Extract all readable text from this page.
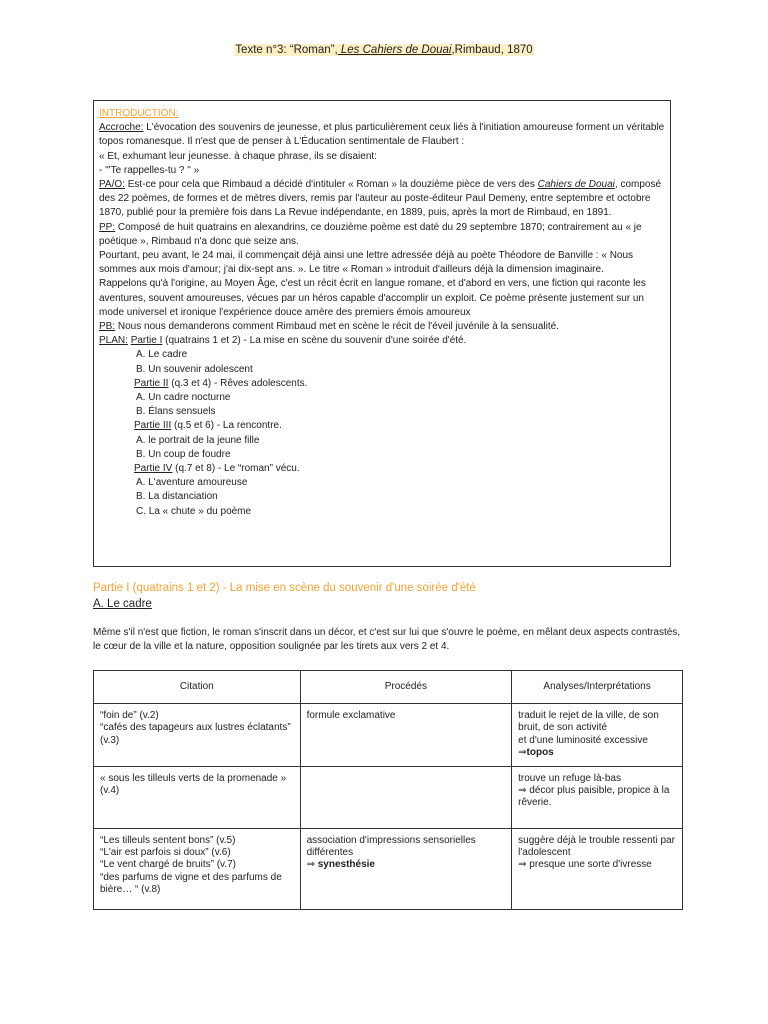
Texte n°3: “Roman”, Les Cahiers de Douai,Rimbaud, 1870

INTRODUCTION:

Accroche: L'évocation des souvenirs de jeunesse, et plus particulièrement ceux liés à l'initiation amoureuse forment un véritable topos romanesque. Il n'est que de penser à L'Éducation sentimentale de Flaubert :

« Et, exhumant leur jeunesse. à chaque phrase, ils se disaient:

- "'Te rappelles-tu ? " »

PA/O: Est-ce pour cela que Rimbaud a décidé d'intituler « Roman » la douzième pièce de vers des Cahiers de Douai, composé des 22 poèmes, de formes et de mètres divers, remis par l'auteur au poste-éditeur Paul Demeny, entre septembre et octobre 1870, publié pour la première fois dans La Revue indépendante, en 1889, puis, après la mort de Rimbaud, en 1891.

PP: Composé de huit quatrains en alexandrins, ce douzième poème est daté du 29 septembre 1870; contrairement au « je poétique », Rimbaud n'a donc que seize ans.

Pourtant, peu avant, le 24 mai, il commençait déjà ainsi une lettre adressée déjà au poète Théodore de Banville : « Nous sommes aux mois d'amour; j'ai dix-sept ans. ». Le titre « Roman » introduit d'ailleurs déjà la dimension imaginaire.

Rappelons qu'à l'origine, au Moyen Âge, c'est un récit écrit en langue romane, et d'abord en vers, une fiction qui raconte les aventures, souvent amoureuses, vécues par un héros capable d'accomplir un exploit. Ce poème présente justement sur un mode universel et ironique l'expérience douce amère des premiers émois amoureux

PB: Nous nous demanderons comment Rimbaud met en scène le récit de l'éveil juvénile à la sensualité.

PLAN: Partie I (quatrains 1 et 2) - La mise en scène du souvenir d'une soirée d'été.

A. Le cadre

B. Un souvenir adolescent

Partie II (q.3 et 4) - Rêves adolescents.

A. Un cadre nocturne

B. Élans sensuels

Partie III (q.5 et 6) - La rencontre.

A. le portrait de la jeune fille

B. Un coup de foudre

Partie IV (q.7 et 8) - Le “roman” vécu.

A. L'aventure amoureuse

B. La distanciation

C. La « chute » du poème

Partie I (quatrains 1 et 2) - La mise en scène du souvenir d'une soirée d'été
A. Le cadre

Même s'il n'est que fiction, le roman s'inscrit dans un décor, et c'est sur lui que s'ouvre le poème, en mêlant deux aspects contrastés, le cœur de la ville et la nature, opposition soulignée par les tirets aux vers 2 et 4.

Citation	Procédés	Analyses/Interprétations

“foin de” (v.2)
“cafés des tapageurs aux lustres éclatants” (v.3)	formule exclamative	traduit le rejet de la ville, de son bruit, de son activité
et d'une luminosité excessive
⇒topos

« sous les tilleuls verts de la promenade » (v.4)		trouve un refuge là-bas
⇒ décor plus paisible, propice à la rêverie.

“Les tilleuls sentent bons” (v.5)
“L'air est parfois si doux” (v.6)
“Le vent chargé de bruits” (v.7)
“des parfums de vigne et des parfums de bière… “ (v.8)	association d'impressions sensorielles différentes
⇒ synesthésie	suggère déjà le trouble ressenti par l'adolescent
⇒ presque une sorte d'ivresse
